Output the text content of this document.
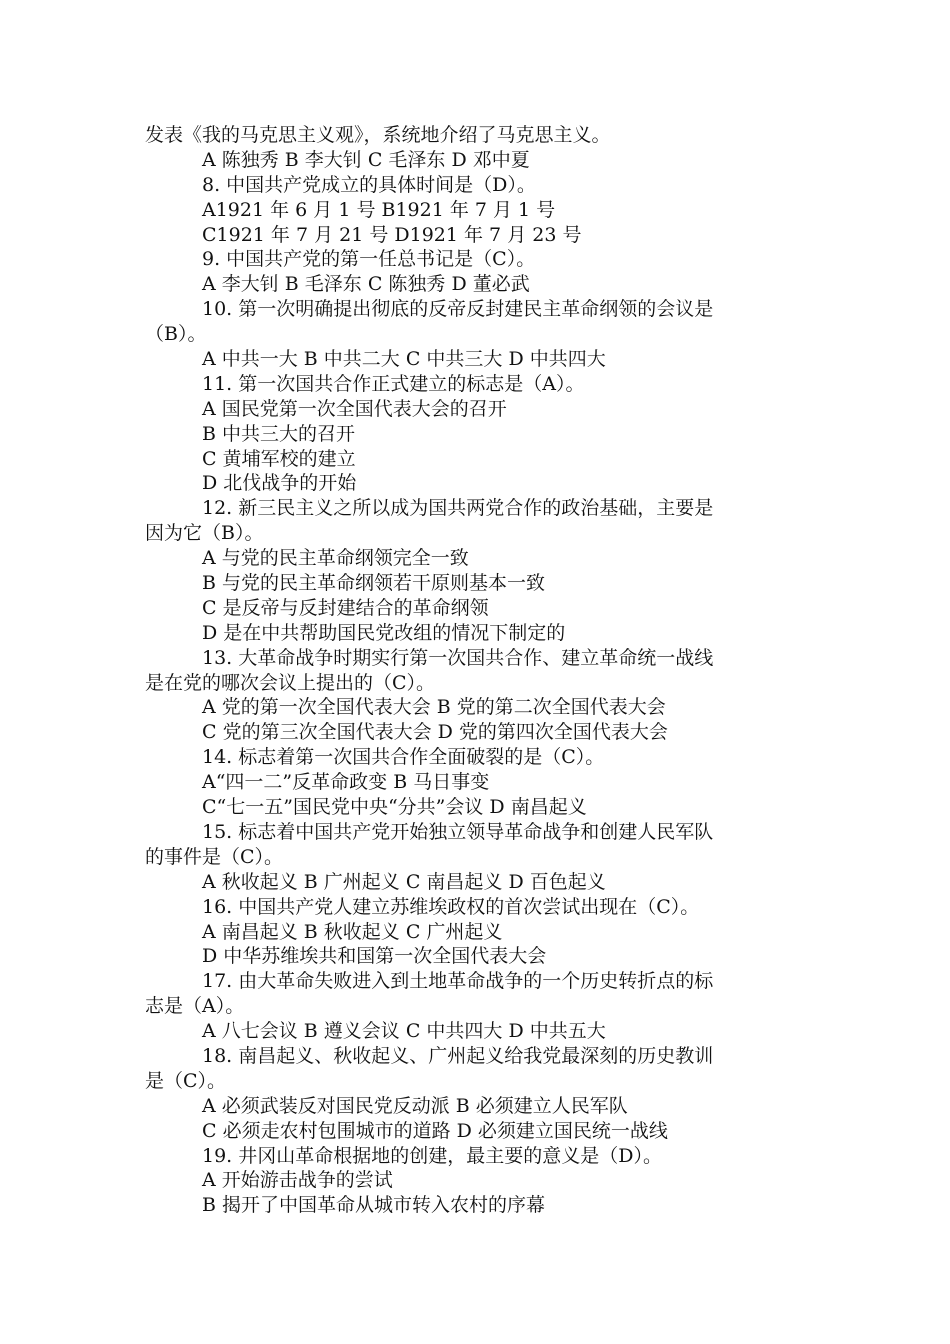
发表《我的马克思主义观》，系统地介绍了马克思主义。
A 陈独秀 B 李大钊 C 毛泽东 D 邓中夏
8. 中国共产党成立的具体时间是（D）。
A1921 年 6 月 1 号 B1921 年 7 月 1 号
C1921 年 7 月 21 号 D1921 年 7 月 23 号
9. 中国共产党的第一任总书记是（C）。
A 李大钊 B 毛泽东 C 陈独秀 D 董必武
10. 第一次明确提出彻底的反帝反封建民主革命纲领的会议是
（B）。
A 中共一大 B 中共二大 C 中共三大 D 中共四大
11. 第一次国共合作正式建立的标志是（A）。
A 国民党第一次全国代表大会的召开
B 中共三大的召开
C 黄埔军校的建立
D 北伐战争的开始
12. 新三民主义之所以成为国共两党合作的政治基础，主要是
因为它（B）。
A 与党的民主革命纲领完全一致
B 与党的民主革命纲领若干原则基本一致
C 是反帝与反封建结合的革命纲领
D 是在中共帮助国民党改组的情况下制定的
13. 大革命战争时期实行第一次国共合作、建立革命统一战线
是在党的哪次会议上提出的（C）。
A 党的第一次全国代表大会 B 党的第二次全国代表大会
C 党的第三次全国代表大会 D 党的第四次全国代表大会
14. 标志着第一次国共合作全面破裂的是（C）。
A“四一二”反革命政变 B 马日事变
C“七一五”国民党中央“分共”会议 D 南昌起义
15. 标志着中国共产党开始独立领导革命战争和创建人民军队
的事件是（C）。
A 秋收起义 B 广州起义 C 南昌起义 D 百色起义
16. 中国共产党人建立苏维埃政权的首次尝试出现在（C）。
A 南昌起义 B 秋收起义 C 广州起义
D 中华苏维埃共和国第一次全国代表大会
17. 由大革命失败进入到土地革命战争的一个历史转折点的标
志是（A）。
A 八七会议 B 遵义会议 C 中共四大 D 中共五大
18. 南昌起义、秋收起义、广州起义给我党最深刻的历史教训
是（C）。
A 必须武装反对国民党反动派 B 必须建立人民军队
C 必须走农村包围城市的道路 D 必须建立国民统一战线
19. 井冈山革命根据地的创建，最主要的意义是（D）。
A 开始游击战争的尝试
B 揭开了中国革命从城市转入农村的序幕
